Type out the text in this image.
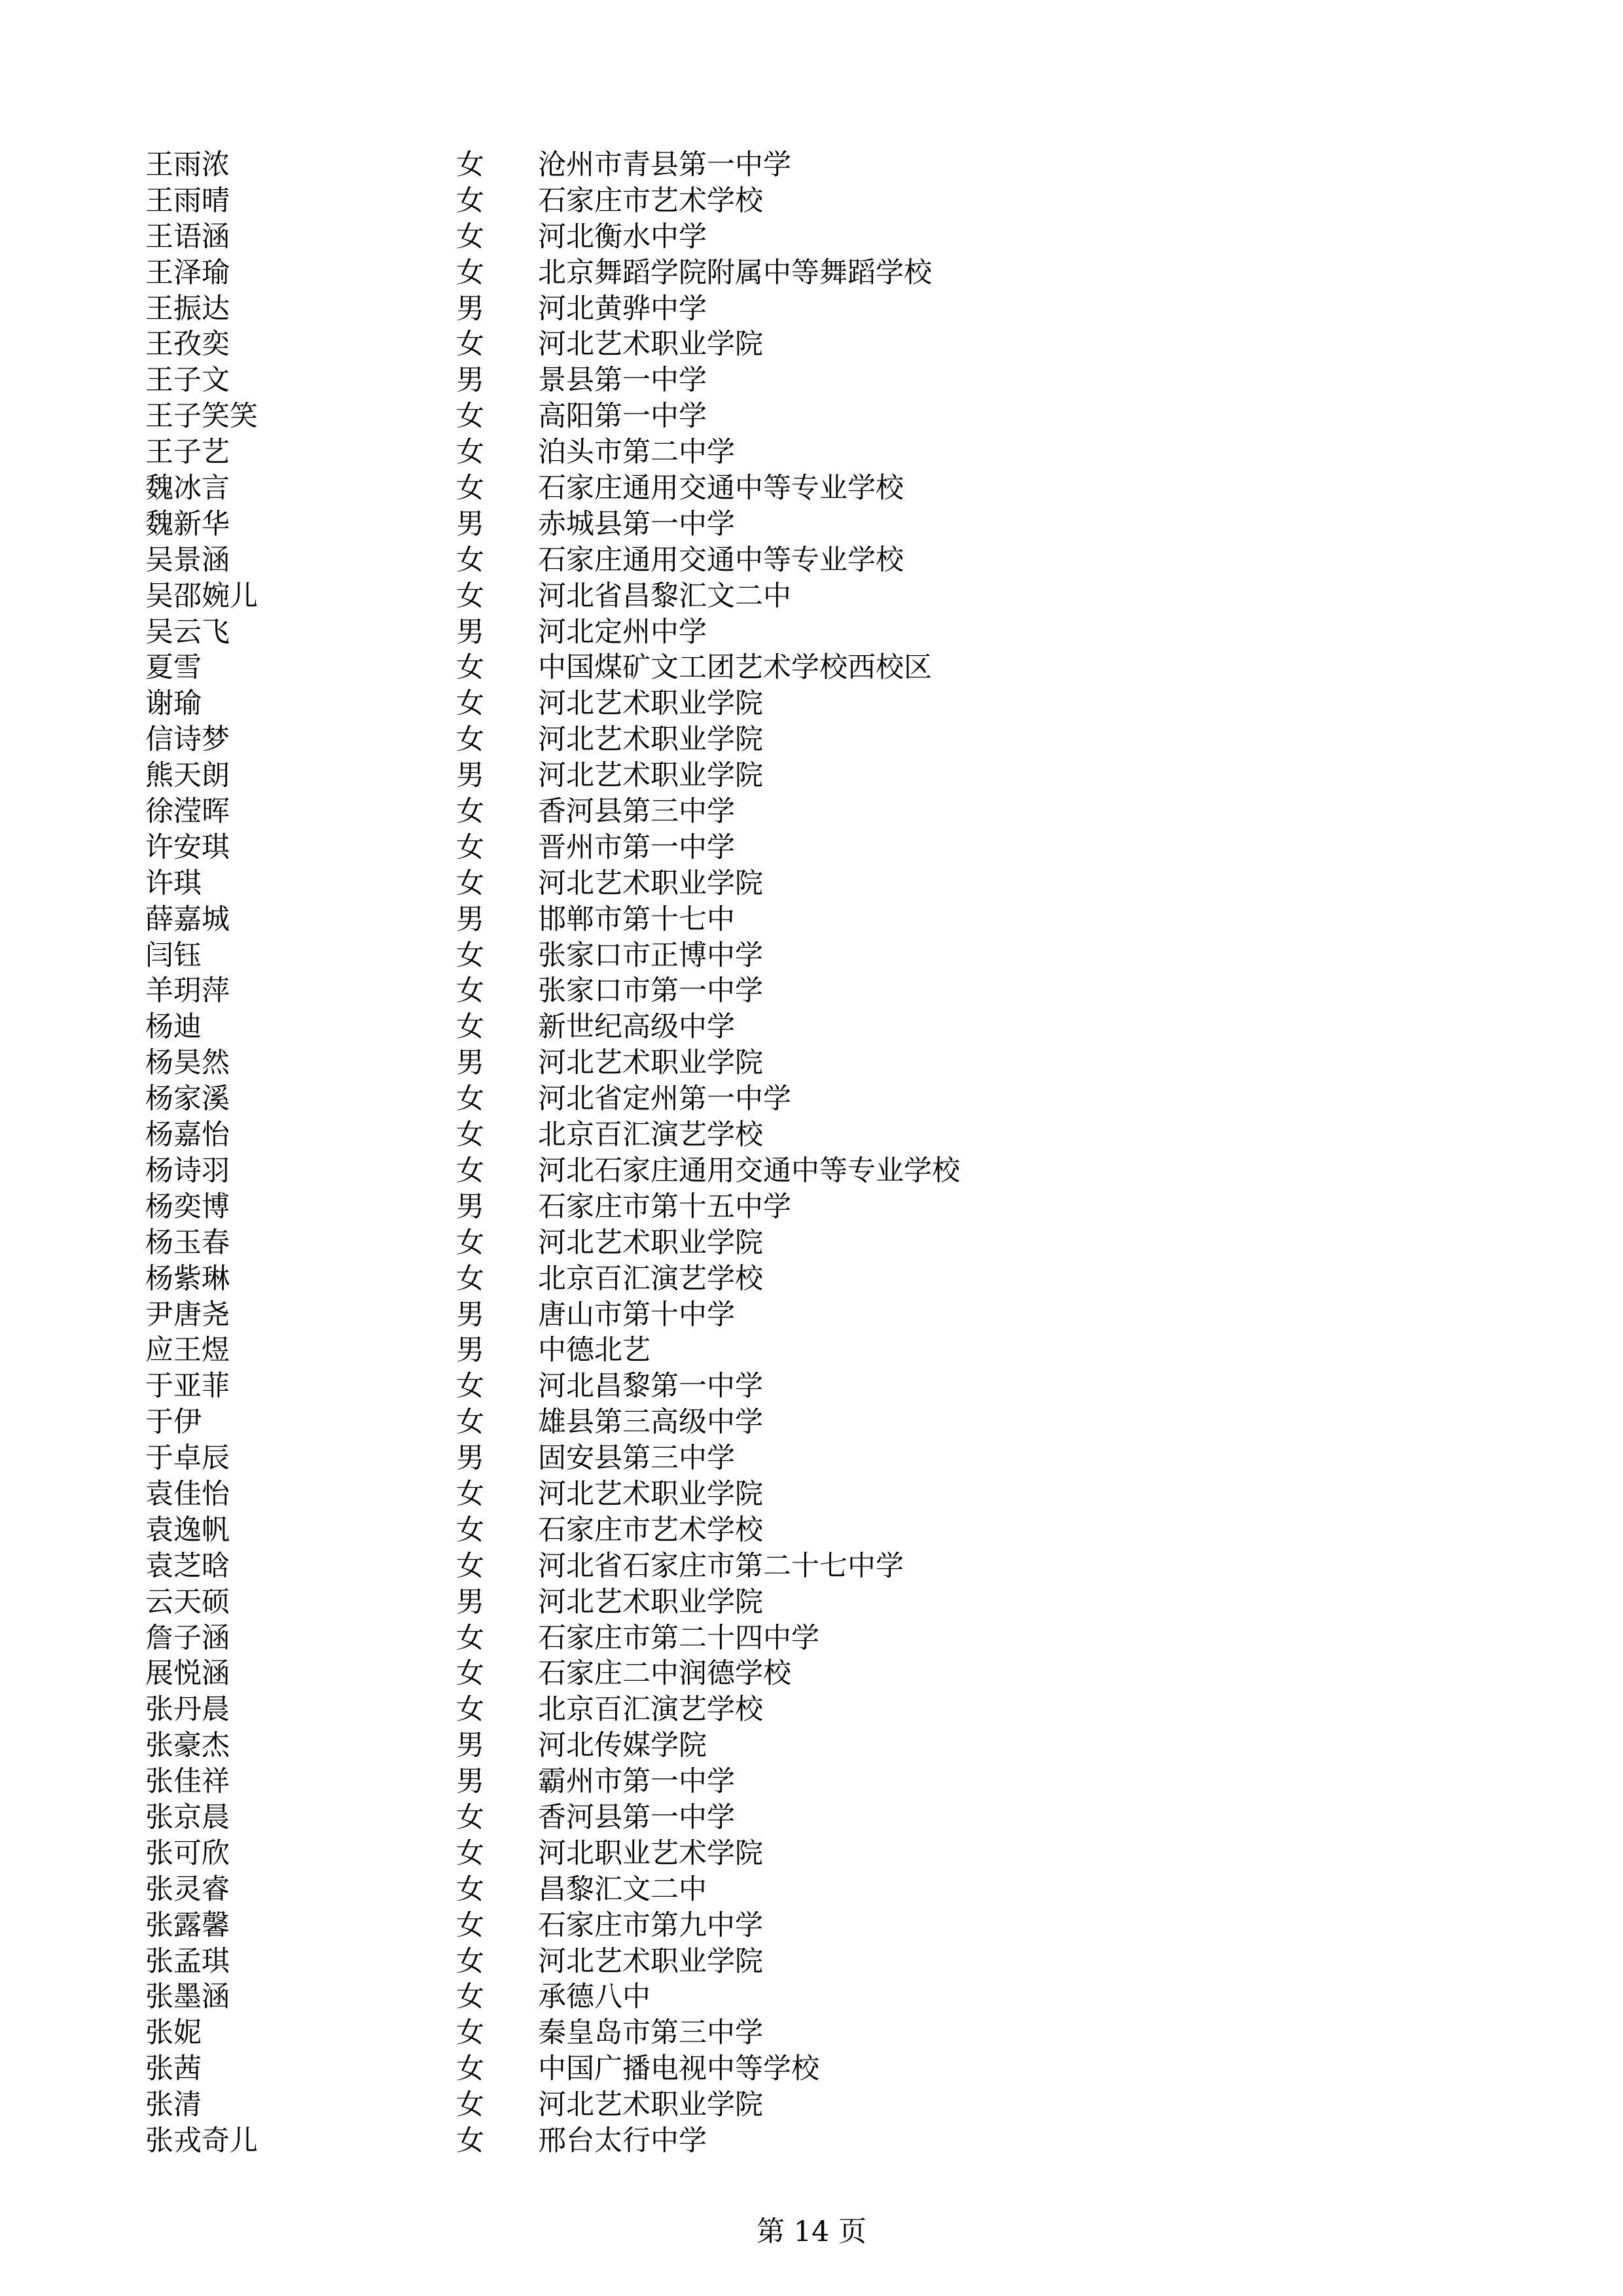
王雨浓	女 沧州市青县第一中学
王雨晴	女 石家庄市艺术学校
王语涵	女 河北衡水中学
王泽瑜	女 北京舞蹈学院附属中等舞蹈学校
王振达	男 河北黄骅中学
王孜奕	女 河北艺术职业学院
王子文	男 景县第一中学
王子笑笑	女 高阳第一中学
王子艺	女 泊头市第二中学
魏冰言	女 石家庄通用交通中等专业学校
魏新华	男 赤城县第一中学
吴景涵	女 石家庄通用交通中等专业学校
吴邵婉儿	女 河北省昌黎汇文二中
吴云飞	男 河北定州中学
夏雪	女 中国煤矿文工团艺术学校西校区
谢瑜	女 河北艺术职业学院
信诗梦	女 河北艺术职业学院
熊天朗	男 河北艺术职业学院
徐滢晖	女 香河县第三中学
许安琪	女 晋州市第一中学
许琪	女 河北艺术职业学院
薛嘉城	男 邯郸市第十七中
闫钰	女 张家口市正博中学
羊玥萍	女 张家口市第一中学
杨迪	女 新世纪高级中学
杨昊然	男 河北艺术职业学院
杨家溪	女 河北省定州第一中学
杨嘉怡	女 北京百汇演艺学校
杨诗羽	女 河北石家庄通用交通中等专业学校
杨奕博	男 石家庄市第十五中学
杨玉春	女 河北艺术职业学院
杨紫琳	女 北京百汇演艺学校
尹唐尧	男 唐山市第十中学
应王煜	男 中德北艺
于亚菲	女 河北昌黎第一中学
于伊	女 雄县第三高级中学
于卓辰	男 固安县第三中学
袁佳怡	女 河北艺术职业学院
袁逸帆	女 石家庄市艺术学校
袁芝晗	女 河北省石家庄市第二十七中学
云天硕	男 河北艺术职业学院
詹子涵	女 石家庄市第二十四中学
展悦涵	女 石家庄二中润德学校
张丹晨	女 北京百汇演艺学校
张豪杰	男 河北传媒学院
张佳祥	男 霸州市第一中学
张京晨	女 香河县第一中学
张可欣	女 河北职业艺术学院
张灵睿	女 昌黎汇文二中
张露馨	女 石家庄市第九中学
张孟琪	女 河北艺术职业学院
张墨涵	女 承德八中
张妮	女 秦皇岛市第三中学
张茜	女 中国广播电视中等学校
张清	女 河北艺术职业学院
张戎奇儿	女 邢台太行中学
第 14 页
